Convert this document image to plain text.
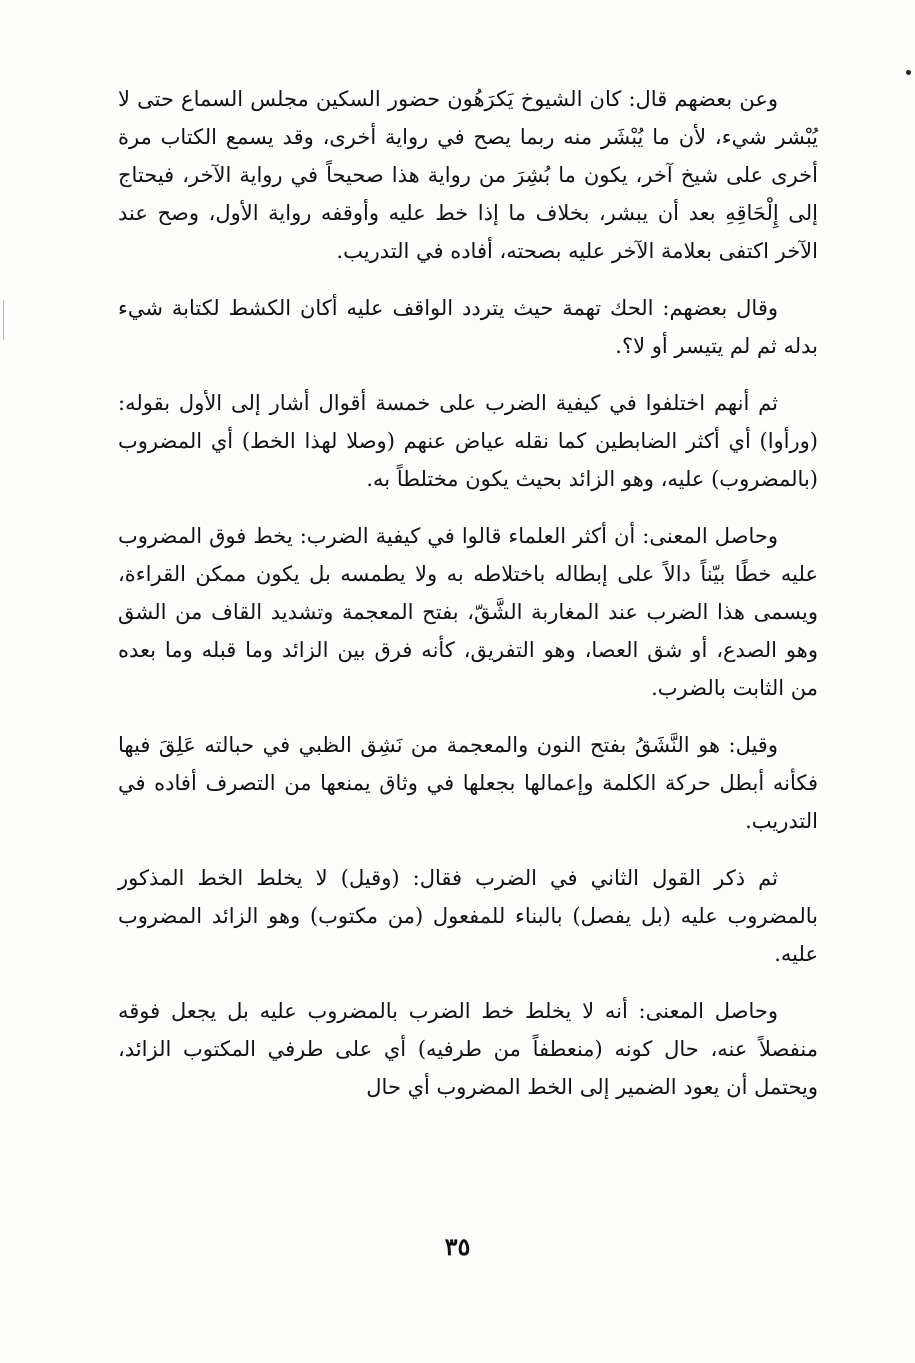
وعن بعضهم قال: كان الشيوخ يَكرَهُون حضور السكين مجلس السماع حتى لا يُبْشر شيء، لأن ما يُبْشَر منه ربما يصح في رواية أخرى، وقد يسمع الكتاب مرة أخرى على شيخ آخر، يكون ما بُشِرَ من رواية هذا صحيحاً في رواية الآخر، فيحتاج إلى إِلْحَاقِهِ بعد أن يبشر، بخلاف ما إذا خط عليه وأوقفه رواية الأول، وصح عند الآخر اكتفى بعلامة الآخر عليه بصحته، أفاده في التدريب.

وقال بعضهم: الحك تهمة حيث يتردد الواقف عليه أكان الكشط لكتابة شيء بدله ثم لم يتيسر أو لا؟.

ثم أنهم اختلفوا في كيفية الضرب على خمسة أقوال أشار إلى الأول بقوله: (ورأوا) أي أكثر الضابطين كما نقله عياض عنهم (وصلا لهذا الخط) أي المضروب (بالمضروب) عليه، وهو الزائد بحيث يكون مختلطاً به.

وحاصل المعنى: أن أكثر العلماء قالوا في كيفية الضرب: يخط فوق المضروب عليه خطًا بيّناً دالاً على إبطاله باختلاطه به ولا يطمسه بل يكون ممكن القراءة، ويسمى هذا الضرب عند المغاربة الشَّقّ، بفتح المعجمة وتشديد القاف من الشق وهو الصدع، أو شق العصا، وهو التفريق، كأنه فرق بين الزائد وما قبله وما بعده من الثابت بالضرب.

وقيل: هو النَّشَقُ بفتح النون والمعجمة من نَشِق الظبي في حبالته عَلِقَ فيها فكأنه أبطل حركة الكلمة وإعمالها بجعلها في وثاق يمنعها من التصرف أفاده في التدريب.

ثم ذكر القول الثاني في الضرب فقال: (وقيل) لا يخلط الخط المذكور بالمضروب عليه (بل يفصل) بالبناء للمفعول (من مكتوب) وهو الزائد المضروب عليه.

وحاصل المعنى: أنه لا يخلط خط الضرب بالمضروب عليه بل يجعل فوقه منفصلاً عنه، حال كونه (منعطفاً من طرفيه) أي على طرفي المكتوب الزائد، ويحتمل أن يعود الضمير إلى الخط المضروب أي حال

٣٥
